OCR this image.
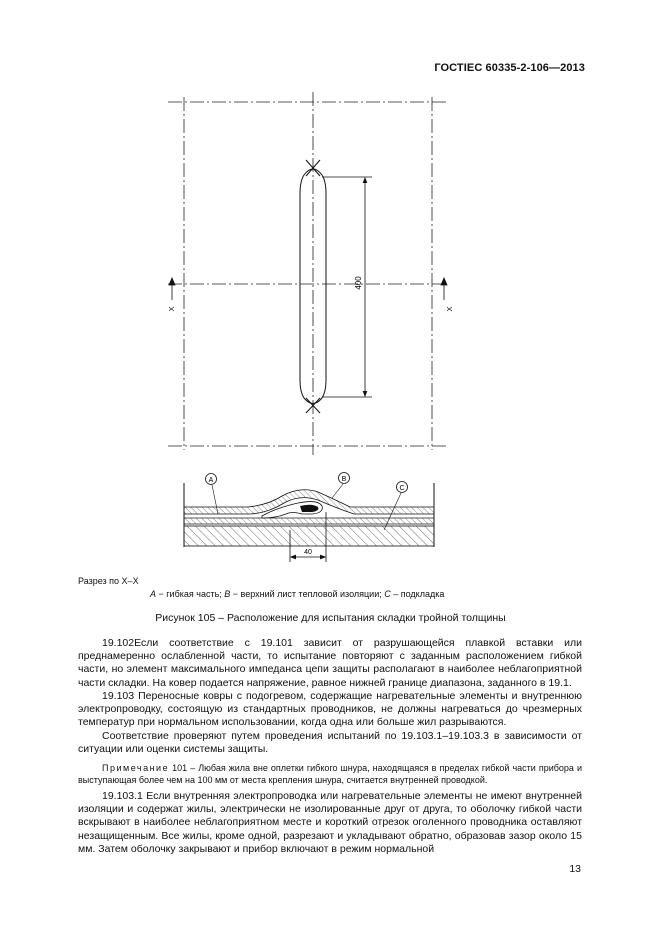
ГОСТIEC 60335-2-106—2013
400
X	X
A	B
C
40
Разрез по X–X
A − гибкая часть; B − верхний лист тепловой изоляции; C – подкладка
Рисунок 105 – Расположение для испытания складки тройной толщины
19.102Если соответствие с 19.101 зависит от разрушающейся плавкой вставки или преднамеренно ослабленной части, то испытание повторяют с заданным расположением гибкой части, но элемент максимального импеданса цепи защиты располагают в наиболее неблагоприятной части складки. На ковер подается напряжение, равное нижней границе диапазона, заданного в 19.1.
19.103 Переносные ковры с подогревом, содержащие нагревательные элементы и внутреннюю электропроводку, состоящую из стандартных проводников, не должны нагреваться до чрезмерных температур при нормальном использовании, когда одна или больше жил разрываются.
Соответствие проверяют путем проведения испытаний по 19.103.1–19.103.3 в зависимости от ситуации или оценки системы защиты.
Примечание 101 – Любая жила вне оплетки гибкого шнура, находящаяся в пределах гибкой части прибора и выступающая более чем на 100 мм от места крепления шнура, считается внутренней проводкой.
19.103.1 Если внутренняя электропроводка или нагревательные элементы не имеют внутренней изоляции и содержат жилы, электрически не изолированные друг от друга, то оболочку гибкой части вскрывают в наиболее неблагоприятном месте и короткий отрезок оголенного проводника оставляют незащищенным. Все жилы, кроме одной, разрезают и укладывают обратно, образовав зазор около 15 мм. Затем оболочку закрывают и прибор включают в режим нормальной
13
